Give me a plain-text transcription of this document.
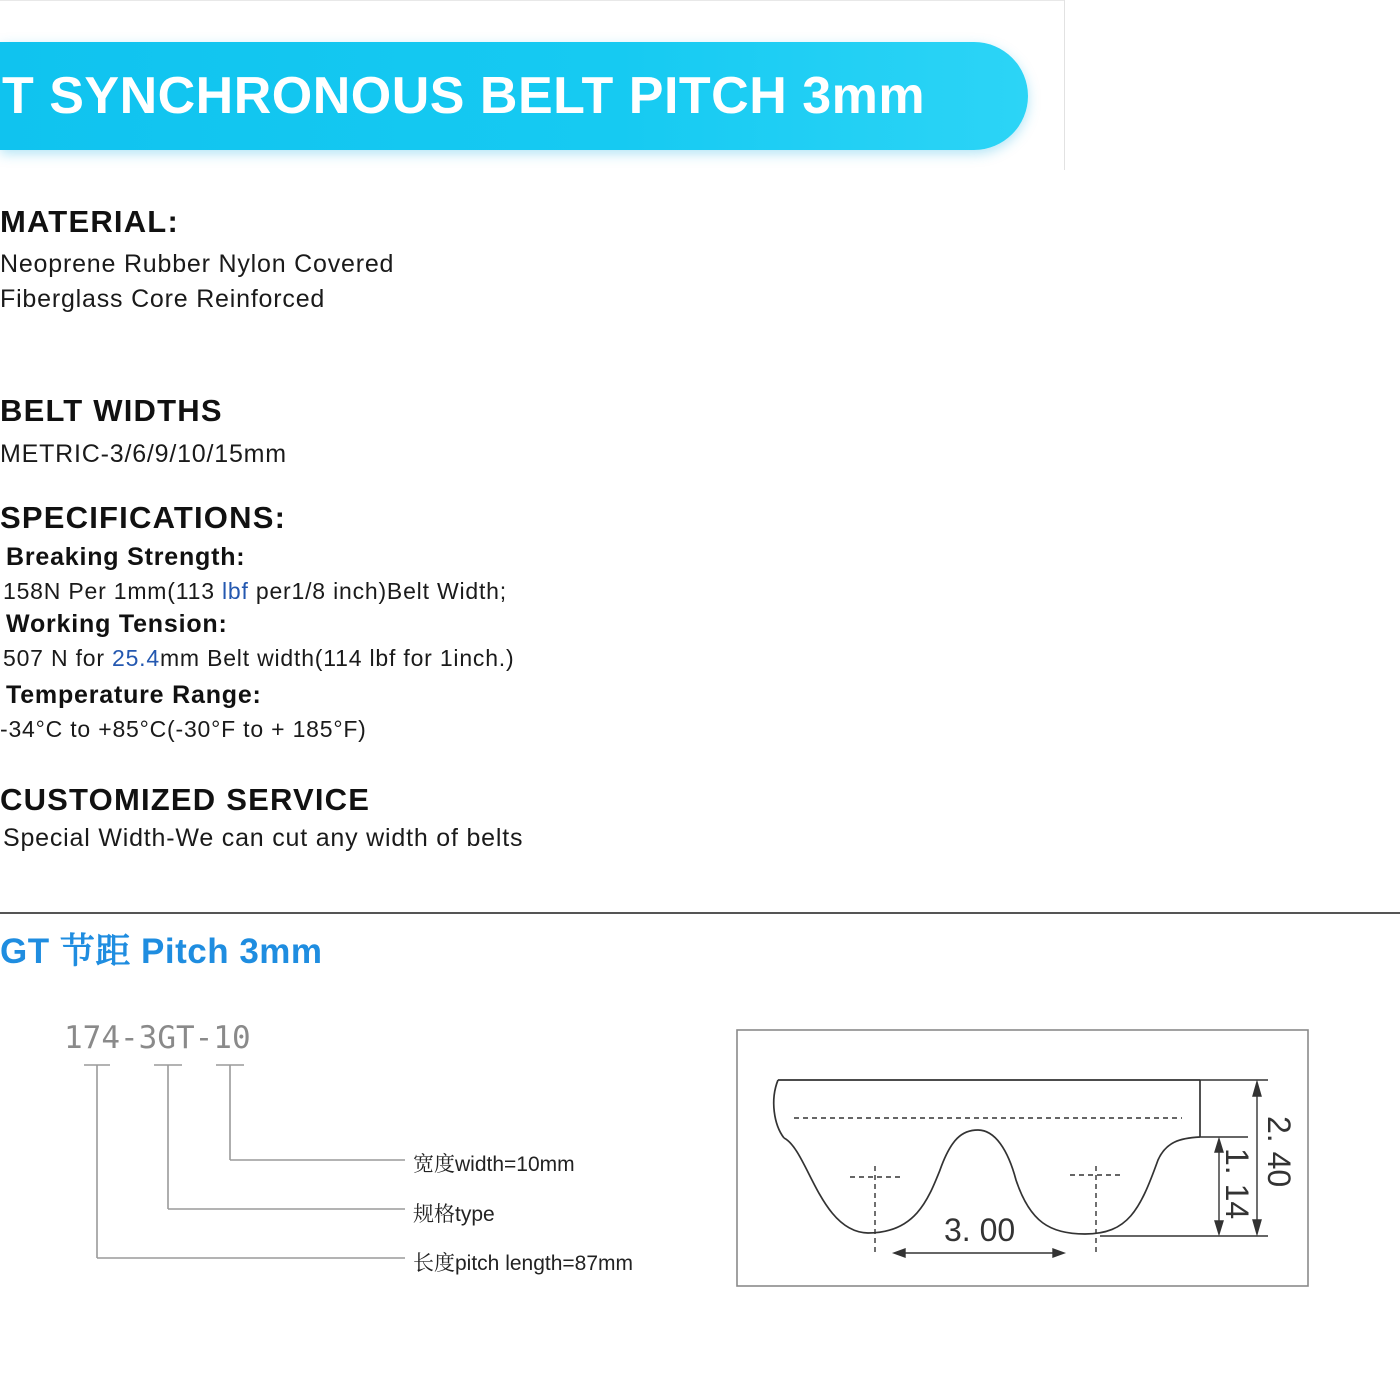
T SYNCHRONOUS BELT PITCH 3mm
MATERIAL:

Neoprene Rubber Nylon Covered

Fiberglass Core Reinforced

BELT WIDTHS

METRIC-3/6/9/10/15mm

SPECIFICATIONS:

Breaking Strength:

158N Per 1mm(113 lbf per1/8 inch)Belt Width;

Working Tension:

507 N for 25.4mm Belt width(114 lbf for 1inch.)

Temperature Range:

-34°C to +85°C(-30°F to + 185°F)

CUSTOMIZED SERVICE

Special Width-We can cut any width of belts

GT 节距 Pitch 3mm

174-3GT-10

宽度width=10mm

规格type

长度pitch length=87mm

3. 00
2. 40
1. 14
